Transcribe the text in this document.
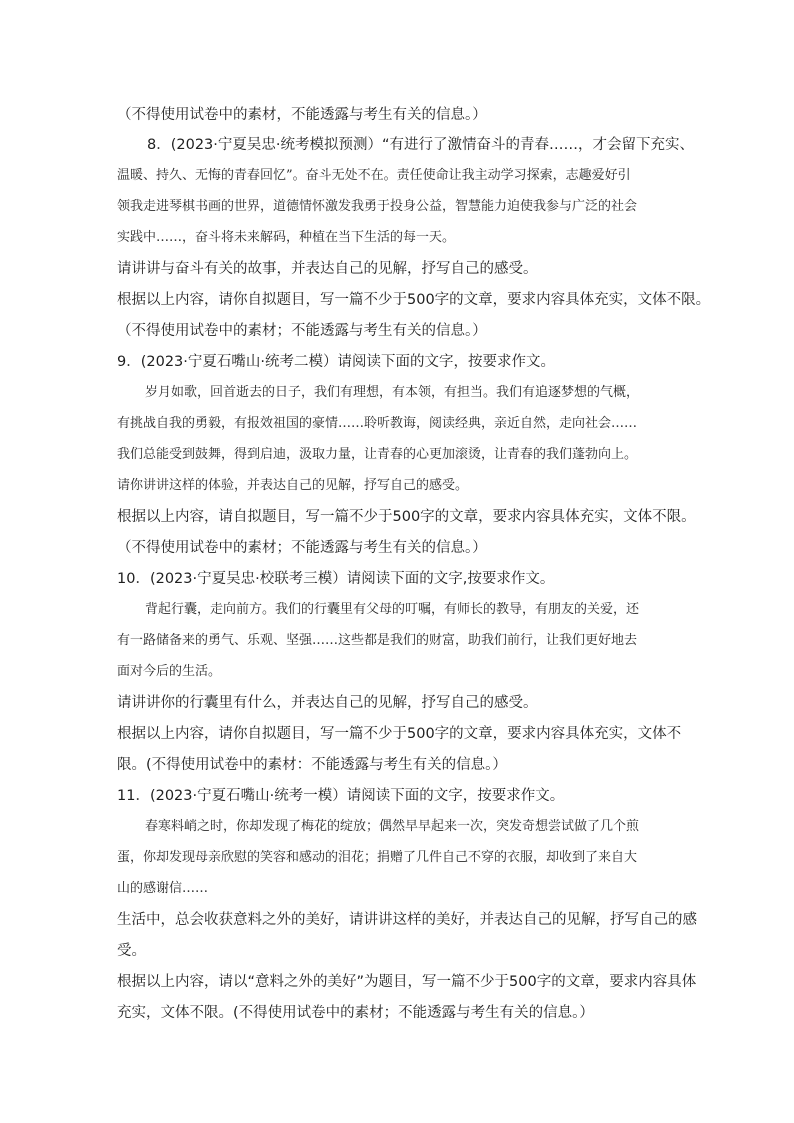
（不得使用试卷中的素材，不能透露与考生有关的信息。）

8．(2023·宁夏吴忠·统考模拟预测）“有进行了激情奋斗的青春……，才会留下充实、

温暖、持久、无悔的青春回忆”。奋斗无处不在。责任使命让我主动学习探索，志趣爱好引

领我走进琴棋书画的世界，道德情怀激发我勇于投身公益，智慧能力迫使我参与广泛的社会

实践中……，奋斗将未来解码，种植在当下生活的每一天。

请讲讲与奋斗有关的故事，并表达自己的见解，抒写自己的感受。

根据以上内容，请你自拟题目，写一篇不少于500字的文章，要求内容具体充实，文体不限。

（不得使用试卷中的素材；不能透露与考生有关的信息。）

9．(2023·宁夏石嘴山·统考二模）请阅读下面的文字，按要求作文。

岁月如歌，回首逝去的日子，我们有理想，有本领，有担当。我们有追逐梦想的气概，

有挑战自我的勇毅，有报效祖国的豪情……聆听教诲，阅读经典，亲近自然，走向社会……

我们总能受到鼓舞，得到启迪，汲取力量，让青春的心更加滚烫，让青春的我们蓬勃向上。

请你讲讲这样的体验，并表达自己的见解，抒写自己的感受。

根据以上内容，请自拟题目，写一篇不少于500字的文章，要求内容具体充实，文体不限。

（不得使用试卷中的素材；不能透露与考生有关的信息。）

10．(2023·宁夏吴忠·校联考三模）请阅读下面的文字,按要求作文。

背起行囊，走向前方。我们的行囊里有父母的叮嘱，有师长的教导，有朋友的关爱，还

有一路储备来的勇气、乐观、坚强……这些都是我们的财富，助我们前行，让我们更好地去

面对今后的生活。

请讲讲你的行囊里有什么，并表达自己的见解，抒写自己的感受。

根据以上内容，请你自拟题目，写一篇不少于500字的文章，要求内容具体充实，文体不

限。(不得使用试卷中的素材：不能透露与考生有关的信息。）

11．(2023·宁夏石嘴山·统考一模）请阅读下面的文字，按要求作文。

春寒料峭之时，你却发现了梅花的绽放；偶然早早起来一次，突发奇想尝试做了几个煎

蛋，你却发现母亲欣慰的笑容和感动的泪花；捐赠了几件自己不穿的衣服，却收到了来自大

山的感谢信……

生活中，总会收获意料之外的美好，请讲讲这样的美好，并表达自己的见解，抒写自己的感

受。

根据以上内容，请以“意料之外的美好”为题目，写一篇不少于500字的文章，要求内容具体

充实，文体不限。(不得使用试卷中的素材；不能透露与考生有关的信息。）
